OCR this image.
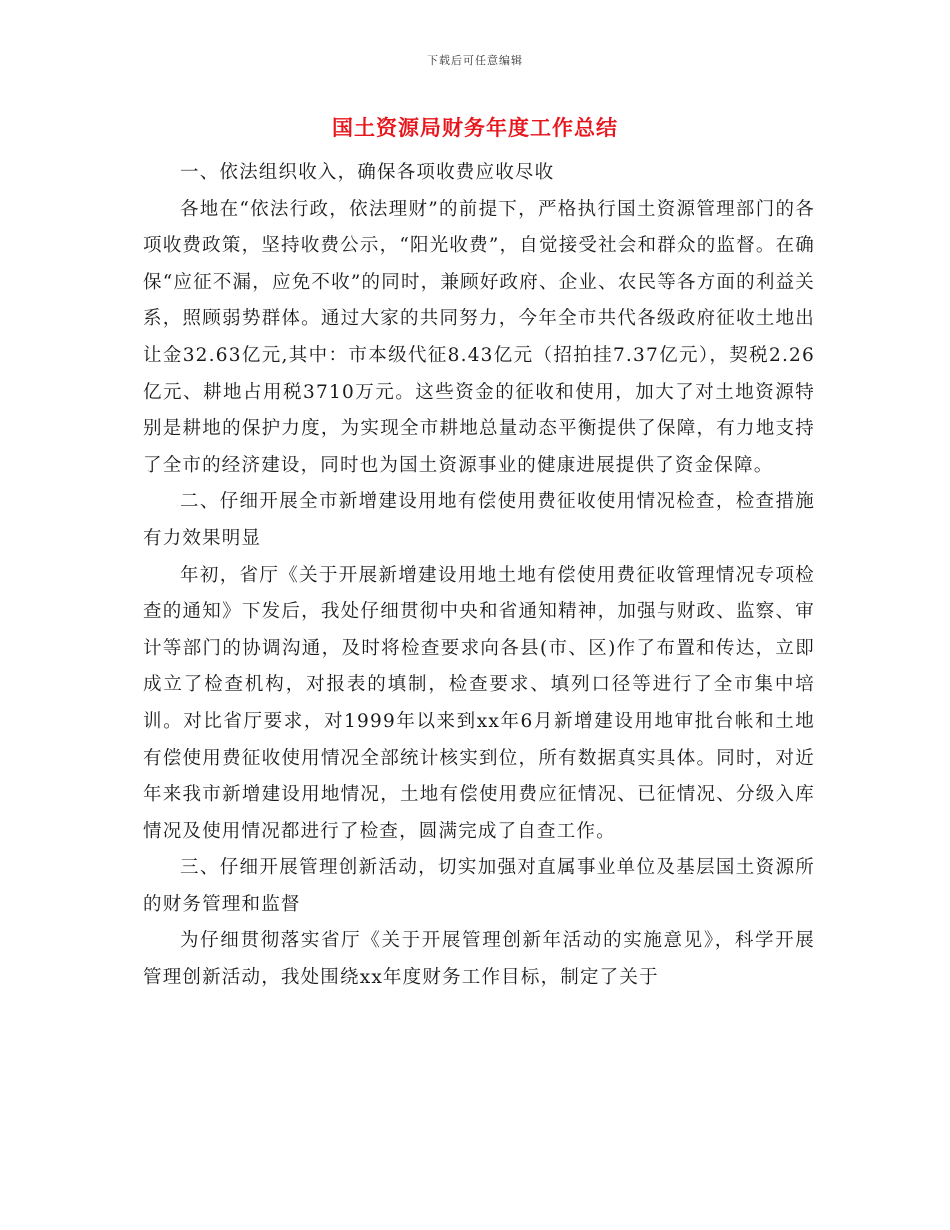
下载后可任意编辑
国土资源局财务年度工作总结

一、依法组织收入，确保各项收费应收尽收

各地在“依法行政，依法理财”的前提下，严格执行国土资源管理部门的各项收费政策，坚持收费公示，“阳光收费”，自觉接受社会和群众的监督。在确保“应征不漏，应免不收”的同时，兼顾好政府、企业、农民等各方面的利益关系，照顾弱势群体。通过大家的共同努力，今年全市共代各级政府征收土地出让金32.63亿元,其中：市本级代征8.43亿元（招拍挂7.37亿元），契税2.26亿元、耕地占用税3710万元。这些资金的征收和使用，加大了对土地资源特别是耕地的保护力度，为实现全市耕地总量动态平衡提供了保障，有力地支持了全市的经济建设，同时也为国土资源事业的健康进展提供了资金保障。

二、仔细开展全市新增建设用地有偿使用费征收使用情况检查，检查措施有力效果明显

年初，省厅《关于开展新增建设用地土地有偿使用费征收管理情况专项检查的通知》下发后，我处仔细贯彻中央和省通知精神，加强与财政、监察、审计等部门的协调沟通，及时将检查要求向各县(市、区)作了布置和传达，立即成立了检查机构，对报表的填制，检查要求、填列口径等进行了全市集中培训。对比省厅要求，对1999年以来到xx年6月新增建设用地审批台帐和土地有偿使用费征收使用情况全部统计核实到位，所有数据真实具体。同时，对近年来我市新增建设用地情况，土地有偿使用费应征情况、已征情况、分级入库情况及使用情况都进行了检查，圆满完成了自查工作。

三、仔细开展管理创新活动，切实加强对直属事业单位及基层国土资源所的财务管理和监督

为仔细贯彻落实省厅《关于开展管理创新年活动的实施意见》，科学开展管理创新活动，我处围绕xx年度财务工作目标，制定了关于
